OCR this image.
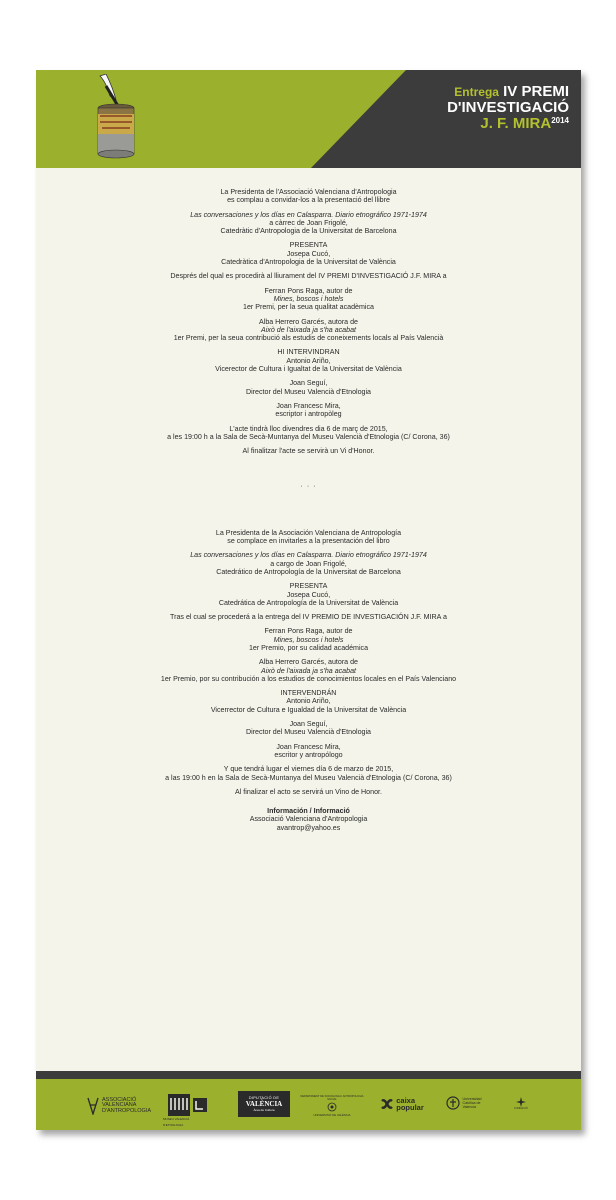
Entrega IV PREMI
D'INVESTIGACIÓ
J. F. $MIRA^{2014}$

La Presidenta de l'Associació Valenciana d'Antropologia
es complau a convidar-los a la presentació del llibre

Las conversaciones y los días en Calasparra. Diario etnográfico 1971-1974
a càrrec de Joan Frigolé,
Catedràtic d'Antropologia de la Universitat de Barcelona

PRESENTA
Josepa Cucó,
Catedràtica d'Antropologia de la Universitat de València

Després del qual es procedirà al lliurament del IV PREMI D'INVESTIGACIÓ J.F. MIRA a

Ferran Pons Raga, autor de
Mines, boscos i hotels
1er Premi, per la seua qualitat acadèmica

Alba Herrero Garcés, autora de
Això de l'aixada ja s'ha acabat
1er Premi, per la seua contribució als estudis de coneixements locals al País Valencià

HI INTERVINDRAN
Antonio Ariño,
Vicerector de Cultura i Igualtat de la Universitat de València

Joan Seguí,
Director del Museu Valencià d'Etnologia

Joan Francesc Mira,
escriptor i antropòleg

L'acte tindrà lloc divendres dia 6 de març de 2015,
a les 19:00 h a la Sala de Secà-Muntanya del Museu Valencià d'Etnologia (C/ Corona, 36)

Al finalitzar l'acte se servirà un Vi d'Honor.

· · ·

La Presidenta de la Asociación Valenciana de Antropología
se complace en invitarles a la presentación del libro

Las conversaciones y los días en Calasparra. Diario etnográfico 1971-1974
a cargo de Joan Frigolé,
Catedrático de Antropología de la Universitat de Barcelona

PRESENTA
Josepa Cucó,
Catedrática de Antropología de la Universitat de València

Tras el cual se procederá a la entrega del IV PREMIO DE INVESTIGACIÓN J.F. MIRA a

Ferran Pons Raga, autor de
Mines, boscos i hotels
1er Premio, por su calidad académica

Alba Herrero Garcés, autora de
Això de l'aixada ja s'ha acabat
1er Premio, por su contribución a los estudios de conocimientos locales en el País Valenciano

INTERVENDRÁN
Antonio Ariño,
Vicerrector de Cultura e Igualdad de la Universitat de València

Joan Seguí,
Director del Museu Valencià d'Etnologia

Joan Francesc Mira,
escritor y antropólogo

Y que tendrá lugar el viernes día 6 de marzo de 2015,
a las 19:00 h en la Sala de Secà-Muntanya del Museu Valencià d'Etnologia (C/ Corona, 36)

Al finalizar el acto se servirá un Vino de Honor.

Información / Informació
Associació Valenciana d'Antropologia
avantrop@yahoo.es

ASSOCIACIÓ VALENCIANA D'ANTROPOLOGIA
MUSEU VALENCIÀ D'ETNOLOGIA
DIPUTACIÓ DE
VALÈNCIA
Àrea de Cultura
DEPARTAMENT DE SOCIOLOGIA I ANTROPOLOGIA SOCIAL
UNIVERSITAT DE VALÈNCIA
caixa
popular
Universidad Católica de Valencia	FUNDACIÓ
